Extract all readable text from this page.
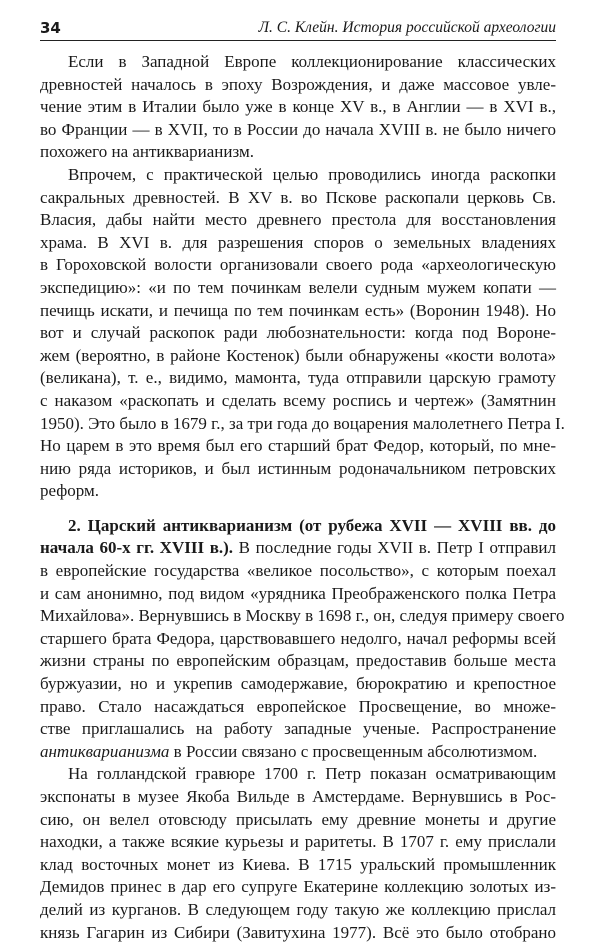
34	Л. С. Клейн. История российской археологии
Если в Западной Европе коллекционирование классических
древностей началось в эпоху Возрождения, и даже массовое увле-
чение этим в Италии было уже в конце XV в., в Англии — в XVI в.,
во Франции — в XVII, то в России до начала XVIII в. не было ничего
похожего на антикварианизм.
Впрочем, с практической целью проводились иногда раскопки
сакральных древностей. В XV в. во Пскове раскопали церковь Св.
Власия, дабы найти место древнего престола для восстановления
храма. В XVI в. для разрешения споров о земельных владениях
в Гороховской волости организовали своего рода «археологическую
экспедицию»: «и по тем починкам велели судным мужем копати —
печищь искати, и печища по тем починкам есть» (Воронин 1948). Но
вот и случай раскопок ради любознательности: когда под Вороне-
жем (вероятно, в районе Костенок) были обнаружены «кости волота»
(великана), т. е., видимо, мамонта, туда отправили царскую грамоту
с наказом «раскопать и сделать всему роспись и чертеж» (Замятнин
1950). Это было в 1679 г., за три года до воцарения малолетнего Петра I.
Но царем в это время был его старший брат Федор, который, по мне-
нию ряда историков, и был истинным родоначальником петровских
реформ.
2. Царский антикварианизм (от рубежа XVII — XVIII вв. до
начала 60-х гг. XVIII в.). В последние годы XVII в. Петр I отправил
в европейские государства «великое посольство», с которым поехал
и сам анонимно, под видом «урядника Преображенского полка Петра
Михайлова». Вернувшись в Москву в 1698 г., он, следуя примеру своего
старшего брата Федора, царствовавшего недолго, начал реформы всей
жизни страны по европейским образцам, предоставив больше места
буржуазии, но и укрепив самодержавие, бюрократию и крепостное
право. Стало насаждаться европейское Просвещение, во множе-
стве приглашались на работу западные ученые. Распространение
антикварианизма в России связано с просвещенным абсолютизмом.
На голландской гравюре 1700 г. Петр показан осматривающим
экспонаты в музее Якоба Вильде в Амстердаме. Вернувшись в Рос-
сию, он велел отовсюду присылать ему древние монеты и другие
находки, а также всякие курьезы и раритеты. В 1707 г. ему прислали
клад восточных монет из Киева. В 1715 уральский промышленник
Демидов принес в дар его супруге Екатерине коллекцию золотых из-
делий из курганов. В следующем году такую же коллекцию прислал
князь Гагарин из Сибири (Завитухина 1977). Всё это было отобрано
